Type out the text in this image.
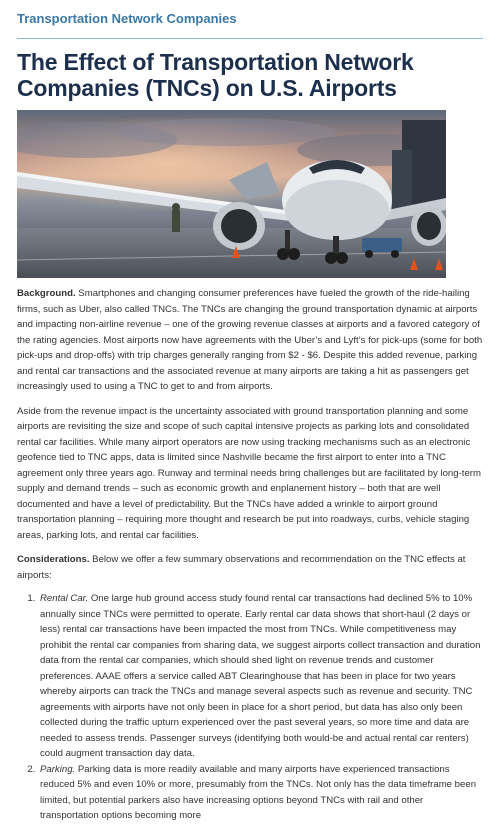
Transportation Network Companies
The Effect of Transportation Network Companies (TNCs) on U.S. Airports

Background. Smartphones and changing consumer preferences have fueled the growth of the ride-hailing firms, such as Uber, also called TNCs. The TNCs are changing the ground transportation dynamic at airports and impacting non-airline revenue – one of the growing revenue classes at airports and a favored category of the rating agencies. Most airports now have agreements with the Uber’s and Lyft’s for pick-ups (some for both pick-ups and drop-offs) with trip charges generally ranging from $2 - $6. Despite this added revenue, parking and rental car transactions and the associated revenue at many airports are taking a hit as passengers get increasingly used to using a TNC to get to and from airports.

Aside from the revenue impact is the uncertainty associated with ground transportation planning and some airports are revisiting the size and scope of such capital intensive projects as parking lots and consolidated rental car facilities. While many airport operators are now using tracking mechanisms such as an electronic geofence tied to TNC apps, data is limited since Nashville became the first airport to enter into a TNC agreement only three years ago. Runway and terminal needs bring challenges but are facilitated by long-term supply and demand trends – such as economic growth and enplanement history – both that are well documented and have a level of predictability. But the TNCs have added a wrinkle to airport ground transportation planning – requiring more thought and research be put into roadways, curbs, vehicle staging areas, parking lots, and rental car facilities.

Considerations. Below we offer a few summary observations and recommendation on the TNC effects at airports:

1. Rental Car. One large hub ground access study found rental car transactions had declined 5% to 10% annually since TNCs were permitted to operate. Early rental car data shows that short-haul (2 days or less) rental car transactions have been impacted the most from TNCs. While competitiveness may prohibit the rental car companies from sharing data, we suggest airports collect transaction and duration data from the rental car companies, which should shed light on revenue trends and customer preferences. AAAE offers a service called ABT Clearinghouse that has been in place for two years whereby airports can track the TNCs and manage several aspects such as revenue and security. TNC agreements with airports have not only been in place for a short period, but data has also only been collected during the traffic upturn experienced over the past several years, so more time and data are needed to assess trends. Passenger surveys (identifying both would-be and actual rental car renters) could augment transaction day data.
2. Parking. Parking data is more readily available and many airports have experienced transactions reduced 5% and even 10% or more, presumably from the TNCs. Not only has the data timeframe been limited, but potential parkers also have increasing options beyond TNCs with rail and other transportation options becoming more
